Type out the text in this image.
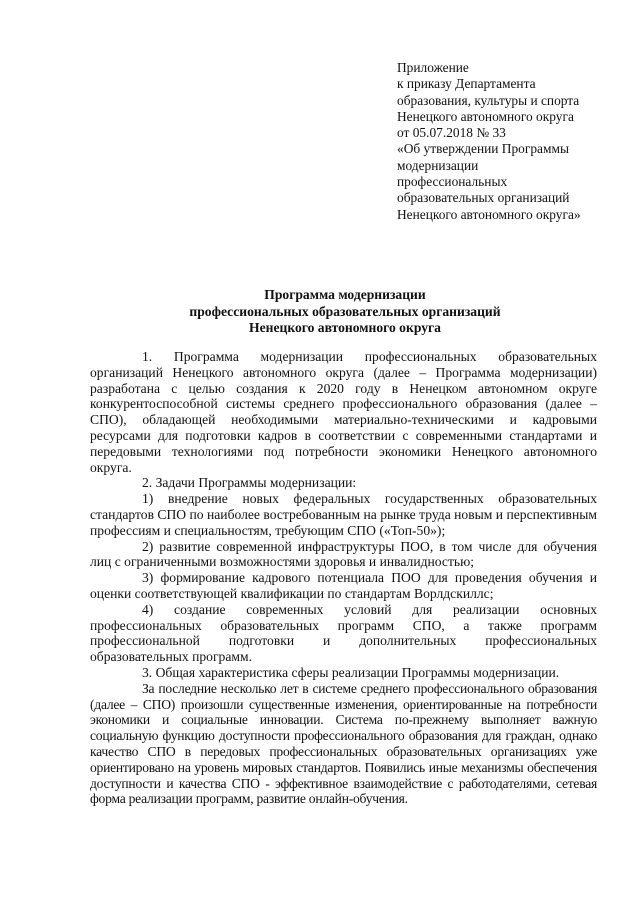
Приложение
к приказу Департамента
образования, культуры и спорта
Ненецкого автономного округа
от 05.07.2018 № 33
«Об утверждении Программы
модернизации
профессиональных
образовательных организаций
Ненецкого автономного округа»
Программа модернизации
профессиональных образовательных организаций
Ненецкого автономного округа

1. Программа модернизации профессиональных образовательных организаций Ненецкого автономного округа (далее – Программа модернизации) разработана с целью создания к 2020 году в Ненецком автономном округе конкурентоспособной системы среднего профессионального образования (далее – СПО), обладающей необходимыми материально-техническими и кадровыми ресурсами для подготовки кадров в соответствии с современными стандартами и передовыми технологиями под потребности экономики Ненецкого автономного округа.

2. Задачи Программы модернизации:

1) внедрение новых федеральных государственных образовательных стандартов СПО по наиболее востребованным на рынке труда новым и перспективным профессиям и специальностям, требующим СПО («Топ-50»);

2) развитие современной инфраструктуры ПОО, в том числе для обучения лиц с ограниченными возможностями здоровья и инвалидностью;

3) формирование кадрового потенциала ПОО для проведения обучения и оценки соответствующей квалификации по стандартам Ворлдскиллс;

4) создание современных условий для реализации основных профессиональных образовательных программ СПО, а также программ профессиональной подготовки и дополнительных профессиональных образовательных программ.

3. Общая характеристика сферы реализации Программы модернизации.

За последние несколько лет в системе среднего профессионального образования (далее – СПО) произошли существенные изменения, ориентированные на потребности экономики и социальные инновации. Система по-прежнему выполняет важную социальную функцию доступности профессионального образования для граждан, однако качество СПО в передовых профессиональных образовательных организациях уже ориентировано на уровень мировых стандартов. Появились иные механизмы обеспечения доступности и качества СПО - эффективное взаимодействие с работодателями, сетевая форма реализации программ, развитие онлайн-обучения.
